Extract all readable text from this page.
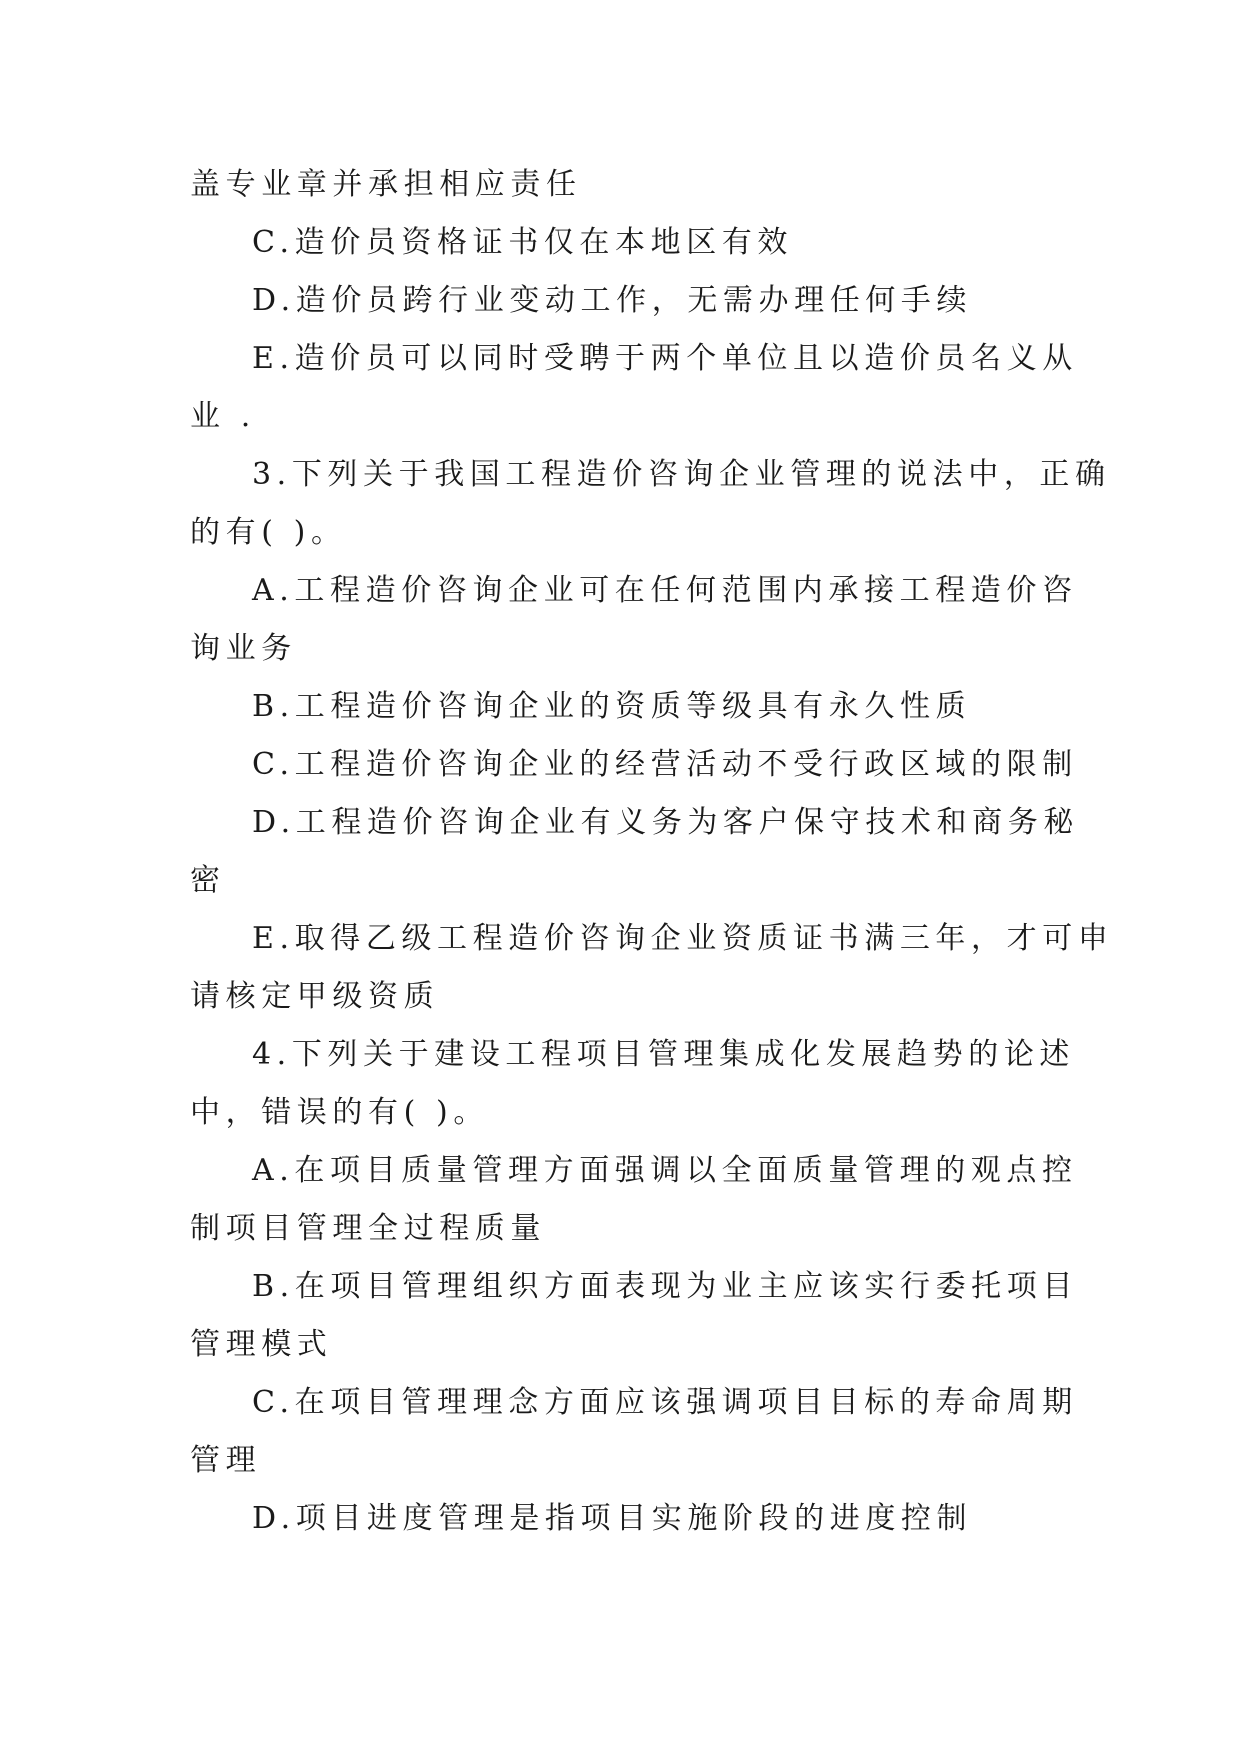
盖专业章并承担相应责任
C.造价员资格证书仅在本地区有效
D.造价员跨行业变动工作，无需办理任何手续
E.造价员可以同时受聘于两个单位且以造价员名义从
业 .
3.下列关于我国工程造价咨询企业管理的说法中，正确
的有( )。
A.工程造价咨询企业可在任何范围内承接工程造价咨
询业务
B.工程造价咨询企业的资质等级具有永久性质
C.工程造价咨询企业的经营活动不受行政区域的限制
D.工程造价咨询企业有义务为客户保守技术和商务秘
密
E.取得乙级工程造价咨询企业资质证书满三年，才可申
请核定甲级资质
4.下列关于建设工程项目管理集成化发展趋势的论述
中，错误的有( )。
A.在项目质量管理方面强调以全面质量管理的观点控
制项目管理全过程质量
B.在项目管理组织方面表现为业主应该实行委托项目
管理模式
C.在项目管理理念方面应该强调项目目标的寿命周期
管理
D.项目进度管理是指项目实施阶段的进度控制
